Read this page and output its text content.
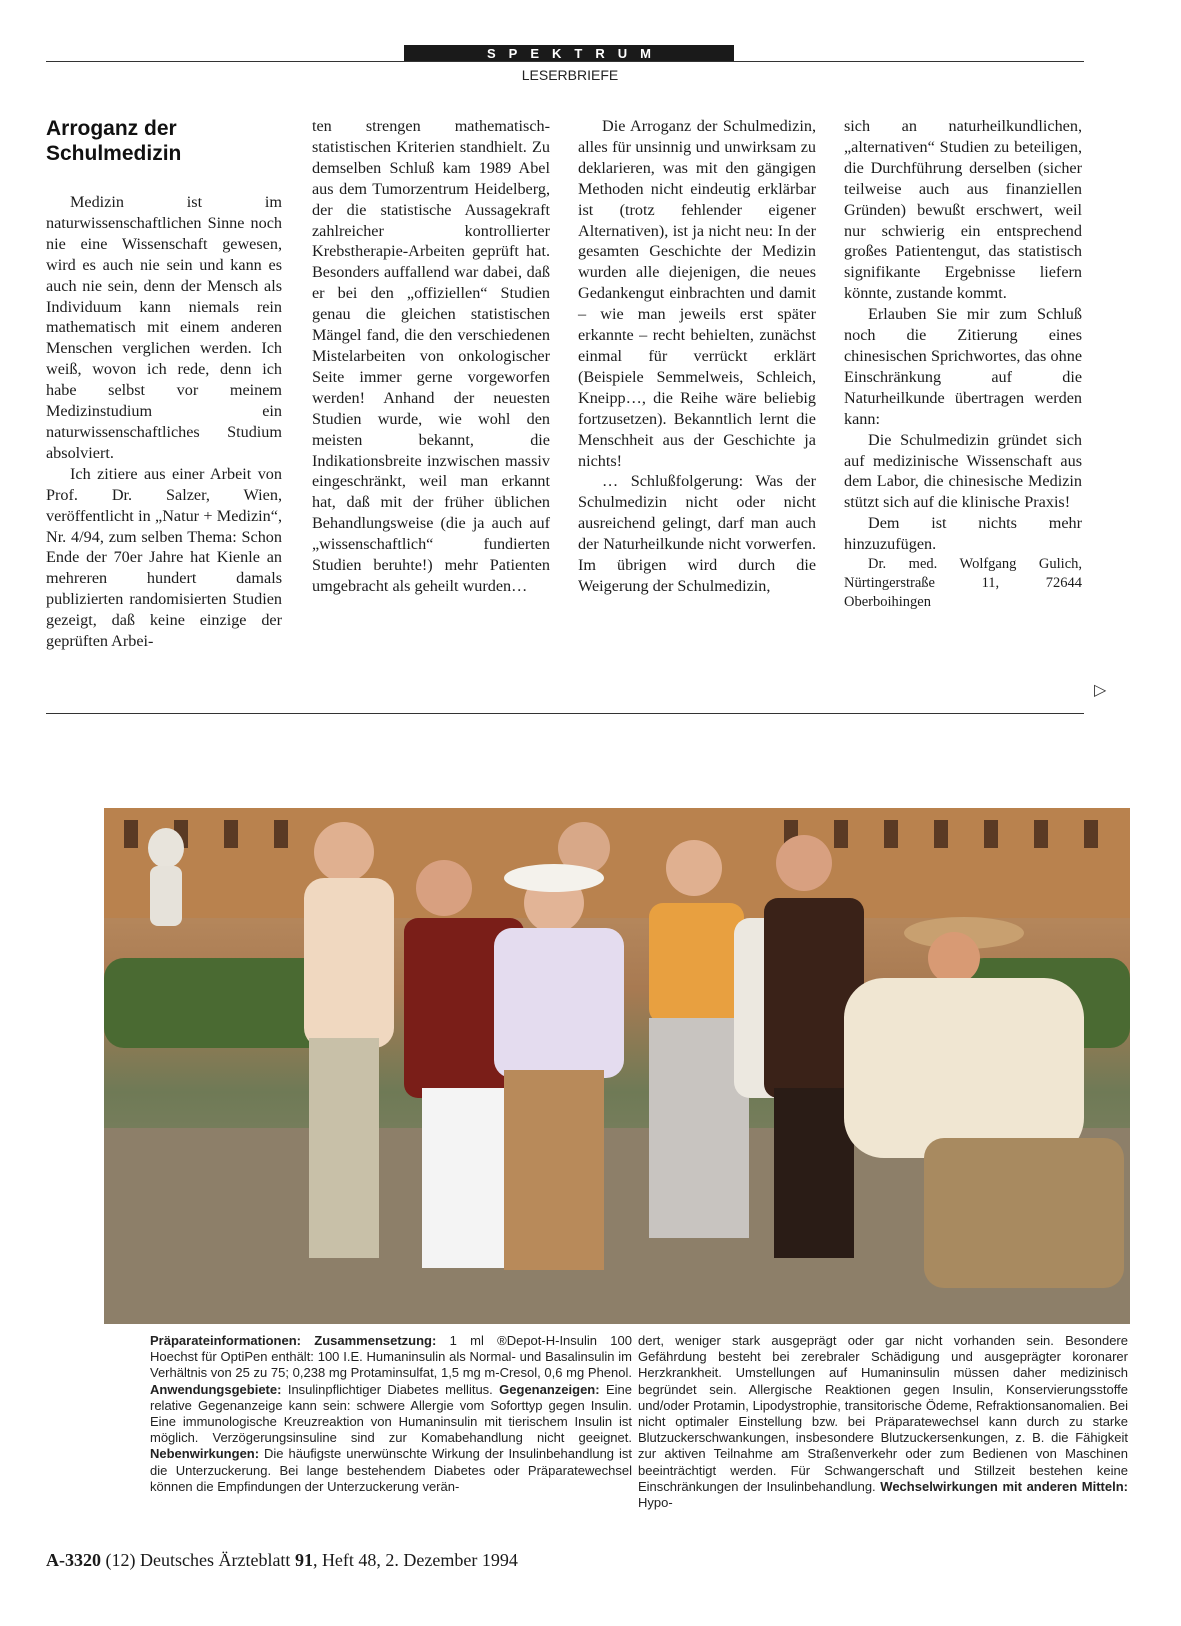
SPEKTRUM
LESERBRIEFE
Arroganz der Schulmedizin

Medizin ist im naturwissenschaftlichen Sinne noch nie eine Wissenschaft gewesen, wird es auch nie sein und kann es auch nie sein, denn der Mensch als Individuum kann niemals rein mathematisch mit einem anderen Menschen verglichen werden. Ich weiß, wovon ich rede, denn ich habe selbst vor meinem Medizinstudium ein naturwissenschaftliches Studium absolviert.

Ich zitiere aus einer Arbeit von Prof. Dr. Salzer, Wien, veröffentlicht in „Natur + Medizin“, Nr. 4/94, zum selben Thema: Schon Ende der 70er Jahre hat Kienle an mehreren hundert damals publizierten randomisierten Studien gezeigt, daß keine einzige der geprüften Arbei-

ten strengen mathematisch-statistischen Kriterien standhielt. Zu demselben Schluß kam 1989 Abel aus dem Tumorzentrum Heidelberg, der die statistische Aussagekraft zahlreicher kontrollierter Krebstherapie-Arbeiten geprüft hat. Besonders auffallend war dabei, daß er bei den „offiziellen“ Studien genau die gleichen statistischen Mängel fand, die den verschiedenen Mistelarbeiten von onkologischer Seite immer gerne vorgeworfen werden! Anhand der neuesten Studien wurde, wie wohl den meisten bekannt, die Indikationsbreite inzwischen massiv eingeschränkt, weil man erkannt hat, daß mit der früher üblichen Behandlungsweise (die ja auch auf „wissenschaftlich“ fundierten Studien beruhte!) mehr Patienten umgebracht als geheilt wurden…

Die Arroganz der Schulmedizin, alles für unsinnig und unwirksam zu deklarieren, was mit den gängigen Methoden nicht eindeutig erklärbar ist (trotz fehlender eigener Alternativen), ist ja nicht neu: In der gesamten Geschichte der Medizin wurden alle diejenigen, die neues Gedankengut einbrachten und damit – wie man jeweils erst später erkannte – recht behielten, zunächst einmal für verrückt erklärt (Beispiele Semmelweis, Schleich, Kneipp…, die Reihe wäre beliebig fortzusetzen). Bekanntlich lernt die Menschheit aus der Geschichte ja nichts!

… Schlußfolgerung: Was der Schulmedizin nicht oder nicht ausreichend gelingt, darf man auch der Naturheilkunde nicht vorwerfen. Im übrigen wird durch die Weigerung der Schulmedizin,

sich an naturheilkundlichen, „alternativen“ Studien zu beteiligen, die Durchführung derselben (sicher teilweise auch aus finanziellen Gründen) bewußt erschwert, weil nur schwierig ein entsprechend großes Patientengut, das statistisch signifikante Ergebnisse liefern könnte, zustande kommt.

Erlauben Sie mir zum Schluß noch die Zitierung eines chinesischen Sprichwortes, das ohne Einschränkung auf die Naturheilkunde übertragen werden kann:

Die Schulmedizin gründet sich auf medizinische Wissenschaft aus dem Labor, die chinesische Medizin stützt sich auf die klinische Praxis!

Dem ist nichts mehr hinzuzufügen.

Dr. med. Wolfgang Gulich, Nürtingerstraße 11, 72644 Oberboihingen

▷
Präparateinformationen: Zusammensetzung: 1 ml ®Depot-H-Insulin 100 Hoechst für OptiPen enthält: 100 I.E. Humaninsulin als Normal- und Basalinsulin im Verhältnis von 25 zu 75; 0,238 mg Protaminsulfat, 1,5 mg m-Cresol, 0,6 mg Phenol. Anwendungsgebiete: Insulinpflichtiger Diabetes mellitus. Gegenanzeigen: Eine relative Gegenanzeige kann sein: schwere Allergie vom Soforttyp gegen Insulin. Eine immunologische Kreuzreaktion von Humaninsulin mit tierischem Insulin ist möglich. Verzögerungsinsuline sind zur Komabehandlung nicht geeignet. Nebenwirkungen: Die häufigste unerwünschte Wirkung der Insulinbehandlung ist die Unterzuckerung. Bei lange bestehendem Diabetes oder Präparatewechsel können die Empfindungen der Unterzuckerung verän-
dert, weniger stark ausgeprägt oder gar nicht vorhanden sein. Besondere Gefährdung besteht bei zerebraler Schädigung und ausgeprägter koronarer Herzkrankheit. Umstellungen auf Humaninsulin müssen daher medizinisch begründet sein. Allergische Reaktionen gegen Insulin, Konservierungsstoffe und/oder Protamin, Lipodystrophie, transitorische Ödeme, Refraktionsanomalien. Bei nicht optimaler Einstellung bzw. bei Präparatewechsel kann durch zu starke Blutzuckerschwankungen, insbesondere Blutzuckersenkungen, z. B. die Fähigkeit zur aktiven Teilnahme am Straßenverkehr oder zum Bedienen von Maschinen beeinträchtigt werden. Für Schwangerschaft und Stillzeit bestehen keine Einschränkungen der Insulinbehandlung. Wechselwirkungen mit anderen Mitteln: Hypo-
A-3320 (12) Deutsches Ärzteblatt 91, Heft 48, 2. Dezember 1994
